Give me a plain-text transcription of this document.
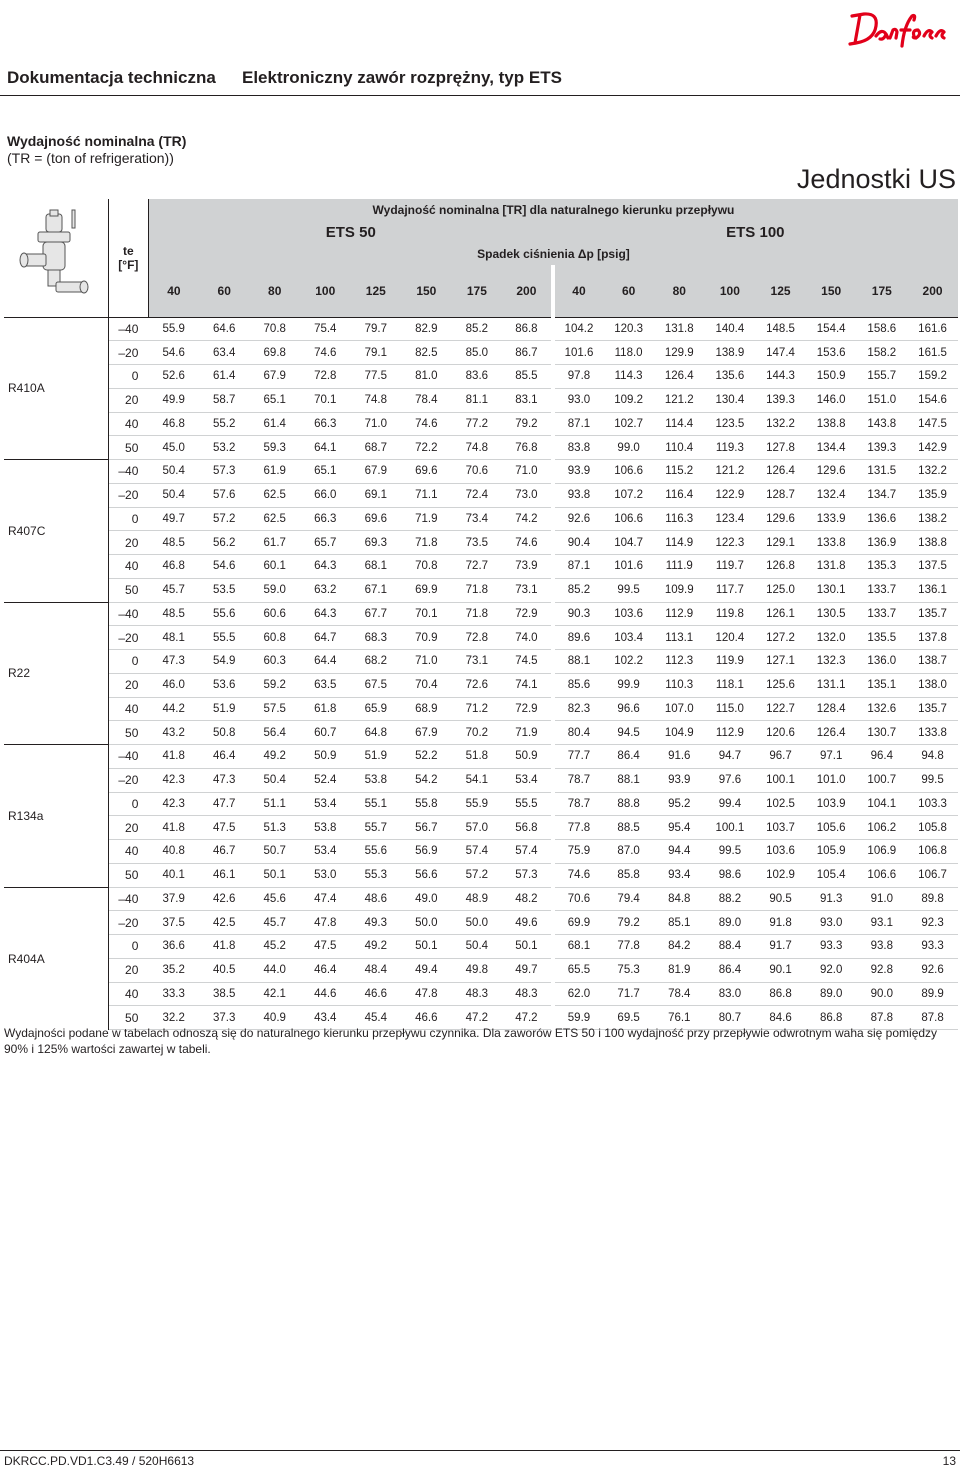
Dokumentacja techniczna Elektroniczny zawór rozprężny, typ ETS
Wydajność nominalna (TR)
(TR = (ton of refrigeration))
Jednostki US

te
[°F]	Wydajność nominalna [TR] dla naturalnego kierunku przepływu															
		ETS 50								ETS 100							
		Spadek ciśnienia Δp [psig]															
		40	60	80	100	125	150	175	200	40	60	80	100	125	150	175	200
R410A	–40	55.9	64.6	70.8	75.4	79.7	82.9	85.2	86.8	104.2	120.3	131.8	140.4	148.5	154.4	158.6	161.6
	–20	54.6	63.4	69.8	74.6	79.1	82.5	85.0	86.7	101.6	118.0	129.9	138.9	147.4	153.6	158.2	161.5
	0	52.6	61.4	67.9	72.8	77.5	81.0	83.6	85.5	97.8	114.3	126.4	135.6	144.3	150.9	155.7	159.2
	20	49.9	58.7	65.1	70.1	74.8	78.4	81.1	83.1	93.0	109.2	121.2	130.4	139.3	146.0	151.0	154.6
	40	46.8	55.2	61.4	66.3	71.0	74.6	77.2	79.2	87.1	102.7	114.4	123.5	132.2	138.8	143.8	147.5
	50	45.0	53.2	59.3	64.1	68.7	72.2	74.8	76.8	83.8	99.0	110.4	119.3	127.8	134.4	139.3	142.9
R407C	–40	50.4	57.3	61.9	65.1	67.9	69.6	70.6	71.0	93.9	106.6	115.2	121.2	126.4	129.6	131.5	132.2
	–20	50.4	57.6	62.5	66.0	69.1	71.1	72.4	73.0	93.8	107.2	116.4	122.9	128.7	132.4	134.7	135.9
	0	49.7	57.2	62.5	66.3	69.6	71.9	73.4	74.2	92.6	106.6	116.3	123.4	129.6	133.9	136.6	138.2
	20	48.5	56.2	61.7	65.7	69.3	71.8	73.5	74.6	90.4	104.7	114.9	122.3	129.1	133.8	136.9	138.8
	40	46.8	54.6	60.1	64.3	68.1	70.8	72.7	73.9	87.1	101.6	111.9	119.7	126.8	131.8	135.3	137.5
	50	45.7	53.5	59.0	63.2	67.1	69.9	71.8	73.1	85.2	99.5	109.9	117.7	125.0	130.1	133.7	136.1
R22	–40	48.5	55.6	60.6	64.3	67.7	70.1	71.8	72.9	90.3	103.6	112.9	119.8	126.1	130.5	133.7	135.7
	–20	48.1	55.5	60.8	64.7	68.3	70.9	72.8	74.0	89.6	103.4	113.1	120.4	127.2	132.0	135.5	137.8
	0	47.3	54.9	60.3	64.4	68.2	71.0	73.1	74.5	88.1	102.2	112.3	119.9	127.1	132.3	136.0	138.7
	20	46.0	53.6	59.2	63.5	67.5	70.4	72.6	74.1	85.6	99.9	110.3	118.1	125.6	131.1	135.1	138.0
	40	44.2	51.9	57.5	61.8	65.9	68.9	71.2	72.9	82.3	96.6	107.0	115.0	122.7	128.4	132.6	135.7
	50	43.2	50.8	56.4	60.7	64.8	67.9	70.2	71.9	80.4	94.5	104.9	112.9	120.6	126.4	130.7	133.8
R134a	–40	41.8	46.4	49.2	50.9	51.9	52.2	51.8	50.9	77.7	86.4	91.6	94.7	96.7	97.1	96.4	94.8
	–20	42.3	47.3	50.4	52.4	53.8	54.2	54.1	53.4	78.7	88.1	93.9	97.6	100.1	101.0	100.7	99.5
	0	42.3	47.7	51.1	53.4	55.1	55.8	55.9	55.5	78.7	88.8	95.2	99.4	102.5	103.9	104.1	103.3
	20	41.8	47.5	51.3	53.8	55.7	56.7	57.0	56.8	77.8	88.5	95.4	100.1	103.7	105.6	106.2	105.8
	40	40.8	46.7	50.7	53.4	55.6	56.9	57.4	57.4	75.9	87.0	94.4	99.5	103.6	105.9	106.9	106.8
	50	40.1	46.1	50.1	53.0	55.3	56.6	57.2	57.3	74.6	85.8	93.4	98.6	102.9	105.4	106.6	106.7
R404A	–40	37.9	42.6	45.6	47.4	48.6	49.0	48.9	48.2	70.6	79.4	84.8	88.2	90.5	91.3	91.0	89.8
	–20	37.5	42.5	45.7	47.8	49.3	50.0	50.0	49.6	69.9	79.2	85.1	89.0	91.8	93.0	93.1	92.3
	0	36.6	41.8	45.2	47.5	49.2	50.1	50.4	50.1	68.1	77.8	84.2	88.4	91.7	93.3	93.8	93.3
	20	35.2	40.5	44.0	46.4	48.4	49.4	49.8	49.7	65.5	75.3	81.9	86.4	90.1	92.0	92.8	92.6
	40	33.3	38.5	42.1	44.6	46.6	47.8	48.3	48.3	62.0	71.7	78.4	83.0	86.8	89.0	90.0	89.9
	50	32.2	37.3	40.9	43.4	45.4	46.6	47.2	47.2	59.9	69.5	76.1	80.7	84.6	86.8	87.8	87.8
Wydajności podane w tabelach odnoszą się do naturalnego kierunku przepływu czynnika. Dla zaworów ETS 50 i 100 wydajność przy przepływie odwrotnym waha się pomiędzy 90% i 125% wartości zawartej w tabeli.
DKRCC.PD.VD1.C3.49 / 520H6613	13
